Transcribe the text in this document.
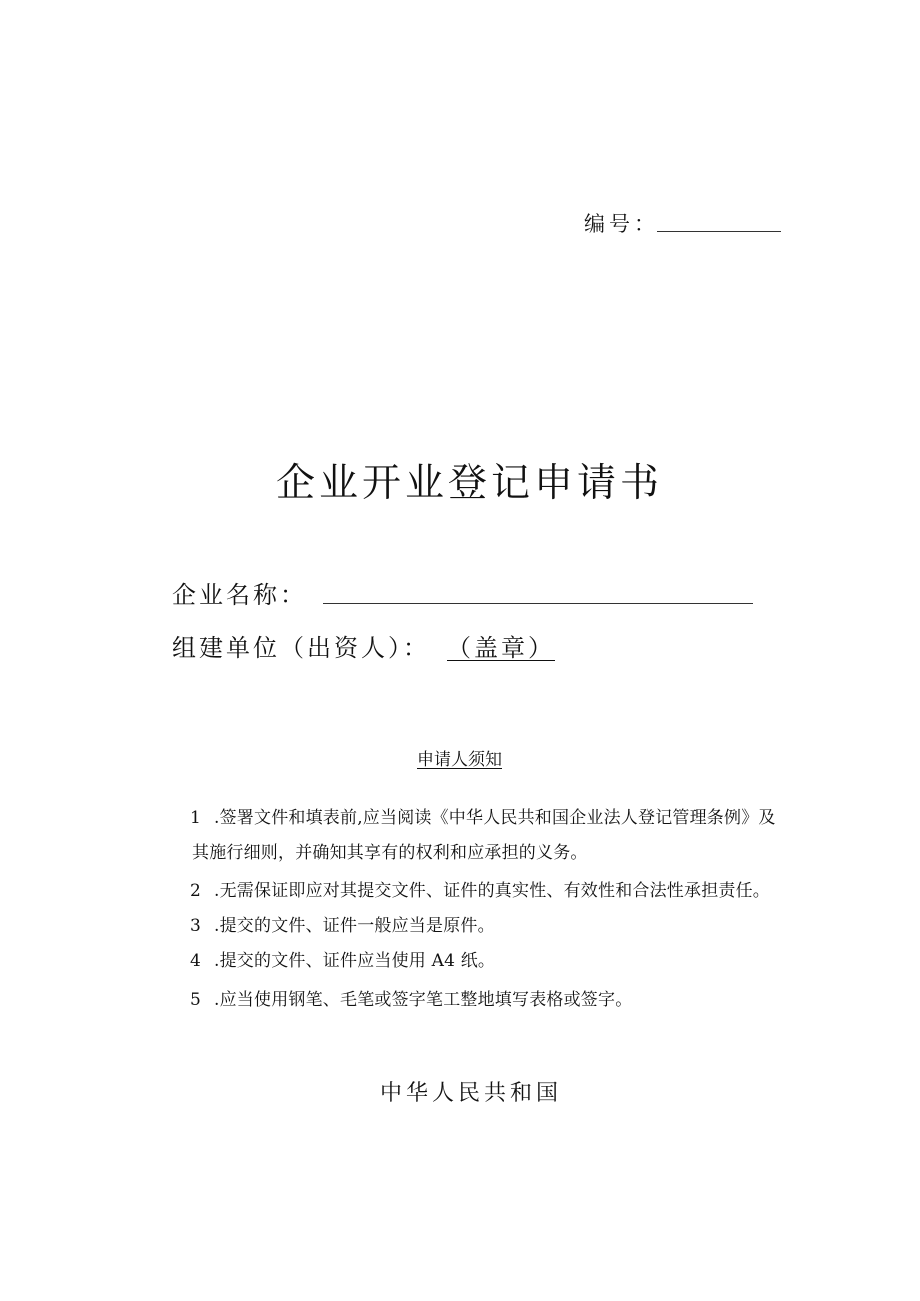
编号：
企业开业登记申请书
企业名称：
组建单位（出资人）： （盖章）
申请人须知
1 .签署文件和填表前,应当阅读《中华人民共和国企业法人登记管理条例》及
其施行细则，并确知其享有的权利和应承担的义务。
2 .无需保证即应对其提交文件、证件的真实性、有效性和合法性承担责任。
3 .提交的文件、证件一般应当是原件。
4 .提交的文件、证件应当使用 A4 纸。
5 .应当使用钢笔、毛笔或签字笔工整地填写表格或签字。
中华人民共和国
